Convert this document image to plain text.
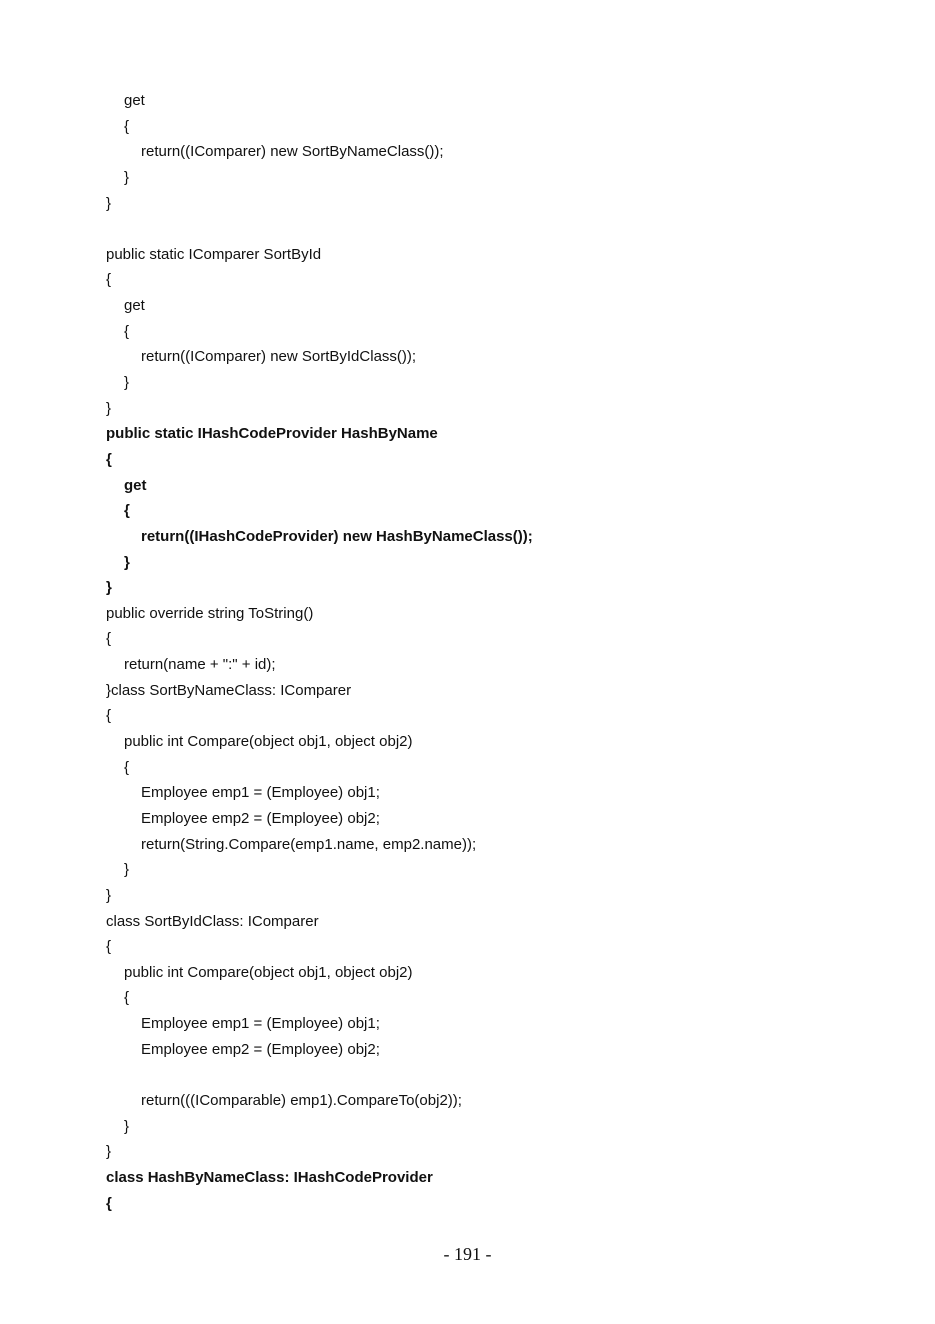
get
{
return((IComparer) new SortByNameClass());
}
}
public static IComparer SortById
{
get
{
return((IComparer) new SortByIdClass());
}
}
public static IHashCodeProvider HashByName
{
get
{
return((IHashCodeProvider) new HashByNameClass());
}
}
public override string ToString()
{
return(name + ":" + id);
}class SortByNameClass: IComparer
{
public int Compare(object obj1, object obj2)
{
Employee emp1 = (Employee) obj1;
Employee emp2 = (Employee) obj2;
return(String.Compare(emp1.name, emp2.name));
}
}
class SortByIdClass: IComparer
{
public int Compare(object obj1, object obj2)
{
Employee emp1 = (Employee) obj1;
Employee emp2 = (Employee) obj2;
return(((IComparable) emp1).CompareTo(obj2));
}
}
class HashByNameClass: IHashCodeProvider
{
- 191 -
